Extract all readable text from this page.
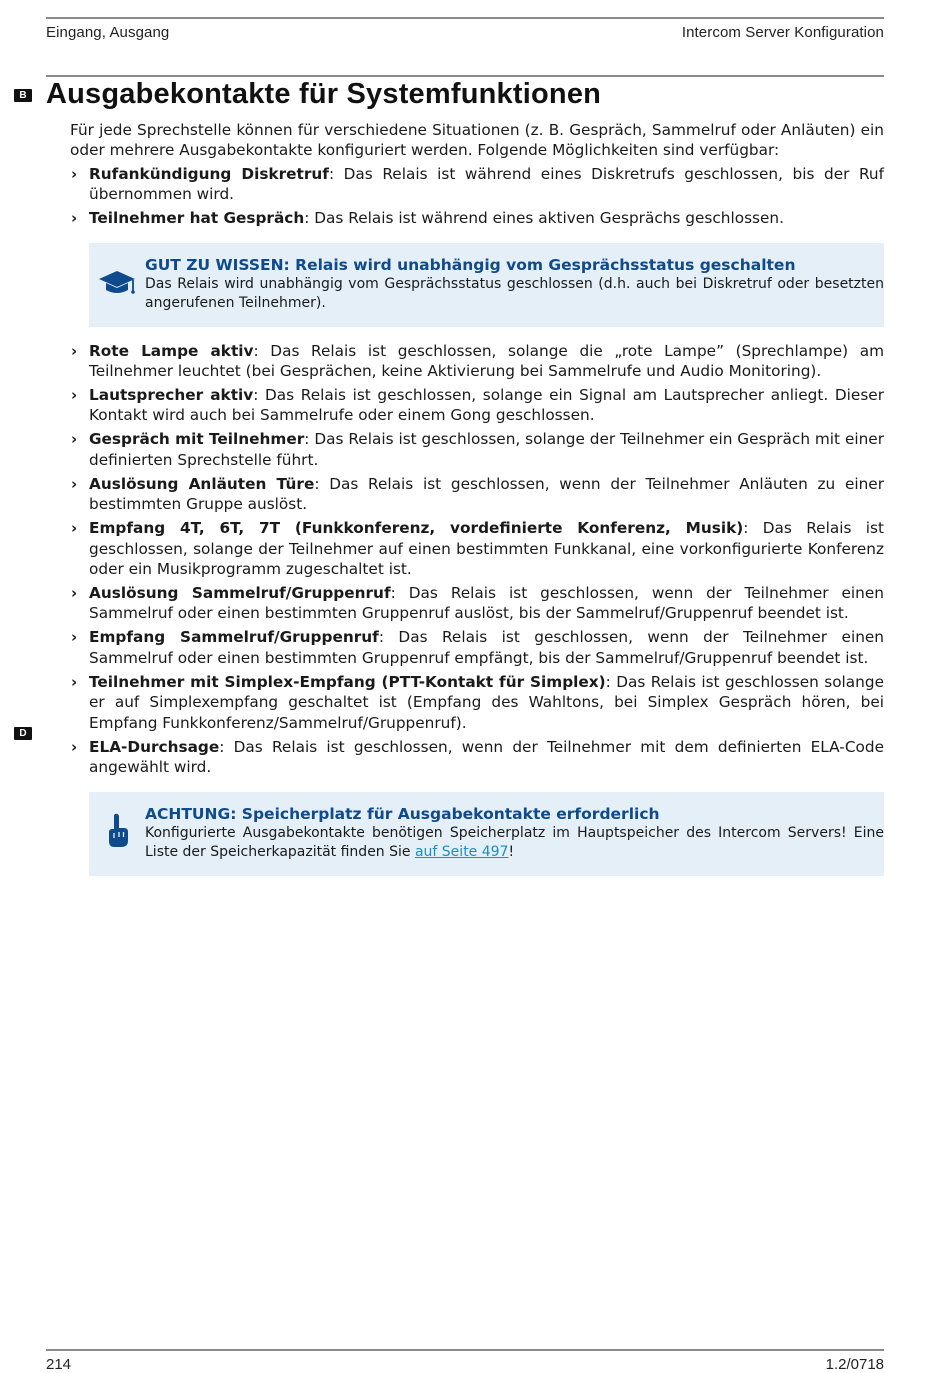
Eingang, Ausgang	Intercom Server Konfiguration
B
D
Ausgabekontakte für Systemfunktionen

Für jede Sprechstelle können für verschiedene Situationen (z. B. Gespräch, Sammelruf oder Anläuten) ein oder mehrere Ausgabekontakte konfiguriert werden. Folgende Möglichkeiten sind verfügbar:

› Rufankündigung Diskretruf: Das Relais ist während eines Diskretrufs geschlossen, bis der Ruf übernommen wird.
› Teilnehmer hat Gespräch: Das Relais ist während eines aktiven Gesprächs geschlossen.
GUT ZU WISSEN: Relais wird unabhängig vom Gesprächsstatus geschalten
Das Relais wird unabhängig vom Gesprächsstatus geschlossen (d.h. auch bei Diskretruf oder besetzten angerufenen Teilnehmer).
› Rote Lampe aktiv: Das Relais ist geschlossen, solange die „rote Lampe” (Sprechlampe) am Teilnehmer leuchtet (bei Gesprächen, keine Aktivierung bei Sammelrufe und Audio Monitoring).
› Lautsprecher aktiv: Das Relais ist geschlossen, solange ein Signal am Lautsprecher anliegt. Dieser Kontakt wird auch bei Sammelrufe oder einem Gong geschlossen.
› Gespräch mit Teilnehmer: Das Relais ist geschlossen, solange der Teilnehmer ein Gespräch mit einer definierten Sprechstelle führt.
› Auslösung Anläuten Türe: Das Relais ist geschlossen, wenn der Teilnehmer Anläuten zu einer bestimmten Gruppe auslöst.
› Empfang 4T, 6T, 7T (Funkkonferenz, vordefinierte Konferenz, Musik): Das Relais ist geschlossen, solange der Teilnehmer auf einen bestimmten Funkkanal, eine vorkonfigurierte Konferenz oder ein Musikprogramm zugeschaltet ist.
› Auslösung Sammelruf/Gruppenruf: Das Relais ist geschlossen, wenn der Teilnehmer einen Sammelruf oder einen bestimmten Gruppenruf auslöst, bis der Sammelruf/Gruppenruf beendet ist.
› Empfang Sammelruf/Gruppenruf: Das Relais ist geschlossen, wenn der Teilnehmer einen Sammelruf oder einen bestimmten Gruppenruf empfängt, bis der Sammelruf/Gruppenruf beendet ist.
› Teilnehmer mit Simplex-Empfang (PTT-Kontakt für Simplex): Das Relais ist geschlossen solange er auf Simplexempfang geschaltet ist (Empfang des Wahltons, bei Simplex Gespräch hören, bei Empfang Funkkonferenz/Sammelruf/Gruppenruf).
› ELA-Durchsage: Das Relais ist geschlossen, wenn der Teilnehmer mit dem definierten ELA-Code angewählt wird.
ACHTUNG: Speicherplatz für Ausgabekontakte erforderlich
Konfigurierte Ausgabekontakte benötigen Speicherplatz im Hauptspeicher des Intercom Servers! Eine Liste der Speicherkapazität finden Sie auf Seite 497!
214	1.2/0718
